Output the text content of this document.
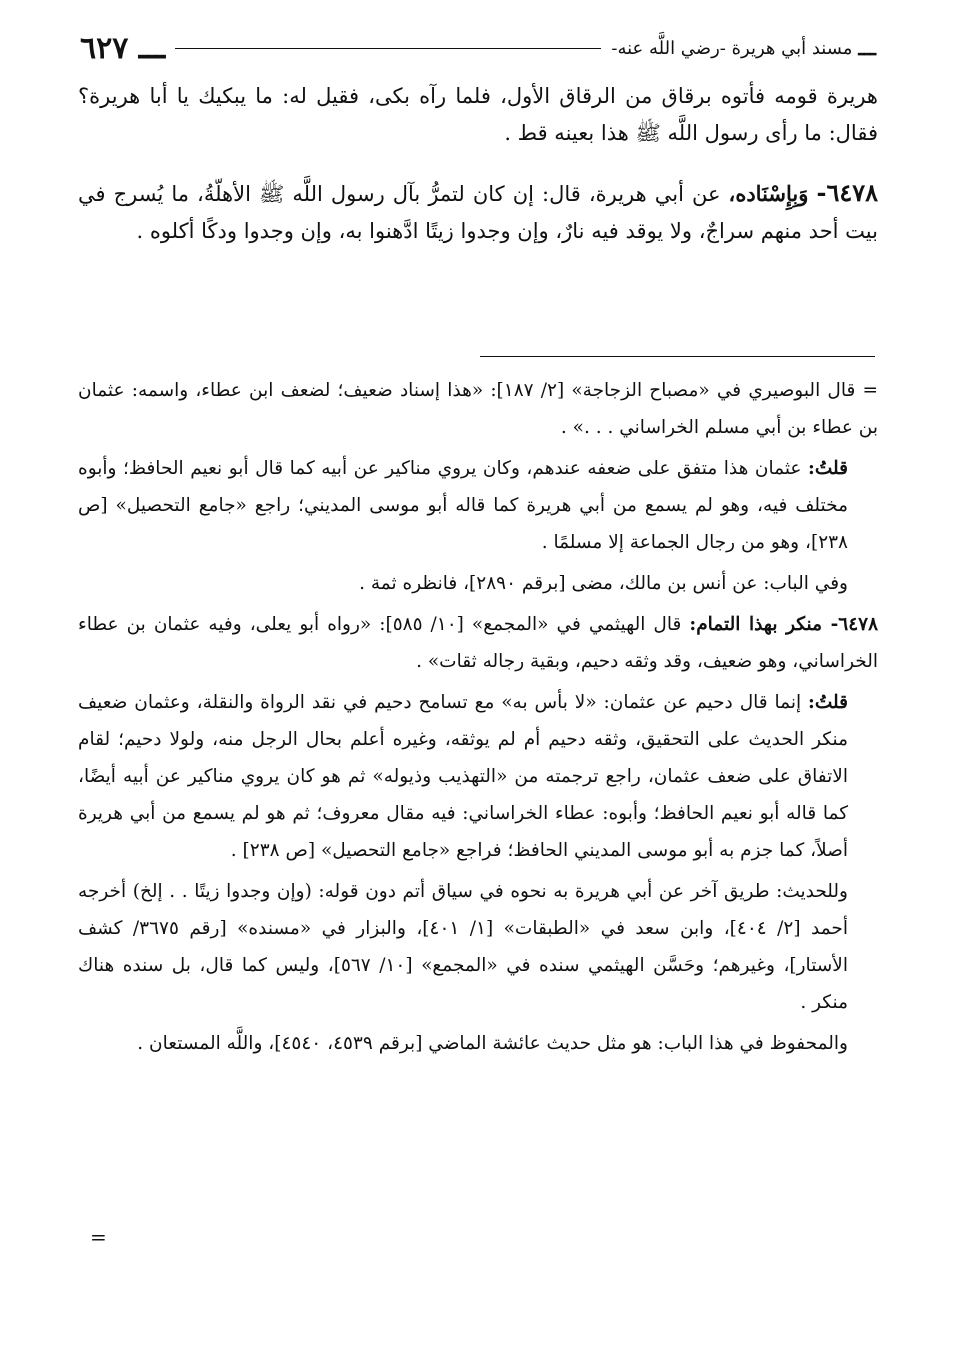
ـــ
مسند أبي هريرة -رضي اللَّه عنه-
ـــ ٦٢٧

هريرة قومه فأتوه برقاق من الرقاق الأول، فلما رآه بكى، فقيل له: ما يبكيك يا أبا هريرة؟ فقال: ما رأى رسول اللَّه ﷺ هذا بعينه قط .

٦٤٧٨- وَبِإِسْنَاده، عن أبي هريرة، قال: إن كان لتمرُّ بآل رسول اللَّه ﷺ الأهلّةُ، ما يُسرج في بيت أحد منهم سراجٌ، ولا يوقد فيه نارٌ، وإن وجدوا زيتًا ادَّهنوا به، وإن وجدوا ودكًا أكلوه .

= قال البوصيري في «مصباح الزجاجة» [٢/ ١٨٧]: «هذا إسناد ضعيف؛ لضعف ابن عطاء، واسمه: عثمان بن عطاء بن أبي مسلم الخراساني . . .» .

قلتُ: عثمان هذا متفق على ضعفه عندهم، وكان يروي مناكير عن أبيه كما قال أبو نعيم الحافظ؛ وأبوه مختلف فيه، وهو لم يسمع من أبي هريرة كما قاله أبو موسى المديني؛ راجع «جامع التحصيل» [ص ٢٣٨]، وهو من رجال الجماعة إلا مسلمًا .

وفي الباب: عن أنس بن مالك، مضى [برقم ٢٨٩٠]، فانظره ثمة .

٦٤٧٨- منكر بهذا التمام: قال الهيثمي في «المجمع» [١٠/ ٥٨٥]: «رواه أبو يعلى، وفيه عثمان بن عطاء الخراساني، وهو ضعيف، وقد وثقه دحيم، وبقية رجاله ثقات» .

قلتُ: إنما قال دحيم عن عثمان: «لا بأس به» مع تسامح دحيم في نقد الرواة والنقلة، وعثمان ضعيف منكر الحديث على التحقيق، وثقه دحيم أم لم يوثقه، وغيره أعلم بحال الرجل منه، ولولا دحيم؛ لقام الاتفاق على ضعف عثمان، راجع ترجمته من «التهذيب وذيوله» ثم هو كان يروي مناكير عن أبيه أيضًا، كما قاله أبو نعيم الحافظ؛ وأبوه: عطاء الخراساني: فيه مقال معروف؛ ثم هو لم يسمع من أبي هريرة أصلاً، كما جزم به أبو موسى المديني الحافظ؛ فراجع «جامع التحصيل» [ص ٢٣٨] .

وللحديث: طريق آخر عن أبي هريرة به نحوه في سياق أتم دون قوله: (وإن وجدوا زيتًا . . إلخ) أخرجه أحمد [٢/ ٤٠٤]، وابن سعد في «الطبقات» [١/ ٤٠١]، والبزار في «مسنده» [رقم ٣٦٧٥/ كشف الأستار]، وغيرهم؛ وحَسَّن الهيثمي سنده في «المجمع» [١٠/ ٥٦٧]، وليس كما قال، بل سنده هناك منكر .

والمحفوظ في هذا الباب: هو مثل حديث عائشة الماضي [برقم ٤٥٣٩، ٤٥٤٠]، واللَّه المستعان .

=
